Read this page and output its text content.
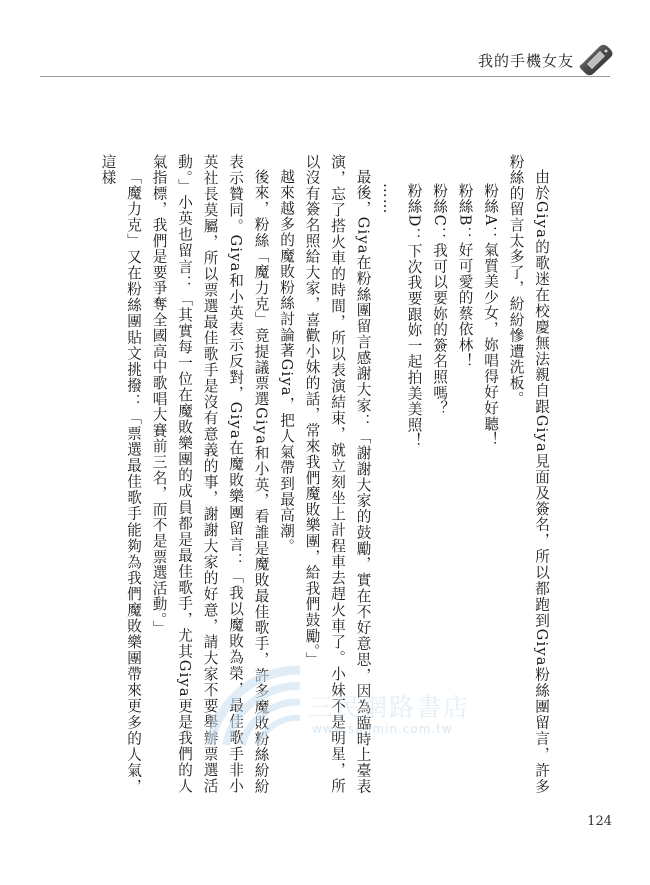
我的手機女友

由於Giya的歌迷在校慶無法親自跟Giya見面及簽名，所以都跑到Giya粉絲團留言，許多粉絲的留言太多了，紛紛慘遭洗板。

粉絲A：氣質美少女，妳唱得好好聽！

粉絲B：好可愛的蔡依林！

粉絲C：我可以要妳的簽名照嗎？

粉絲D：下次我要跟妳一起拍美美照！

……

最後，Giya在粉絲團留言感謝大家：「謝謝大家的鼓勵，實在不好意思，因為臨時上臺表演，忘了搭火車的時間，所以表演結束，就立刻坐上計程車去趕火車了。小妹不是明星，所以沒有簽名照給大家，喜歡小妹的話，常來我們魔敗樂團，給我們鼓勵。」

越來越多的魔敗粉絲討論著Giya，把人氣帶到最高潮。

後來，粉絲「魔力克」竟提議票選Giya和小英，看誰是魔敗最佳歌手，許多魔敗粉絲紛紛表示贊同。Giya和小英表示反對，Giya在魔敗樂團留言：「我以魔敗為榮，最佳歌手非小英社長莫屬，所以票選最佳歌手是沒有意義的事，謝謝大家的好意，請大家不要舉辦票選活動。」小英也留言：「其實每一位在魔敗樂團的成員都是最佳歌手，尤其Giya更是我們的人氣指標，我們是要爭奪全國高中歌唱大賽前三名，而不是票選活動。」

「魔力克」又在粉絲團貼文挑撥：「票選最佳歌手能夠為我們魔敗樂團帶來更多的人氣，這樣

三民網路書店
www.sanmin.com.tw
124
